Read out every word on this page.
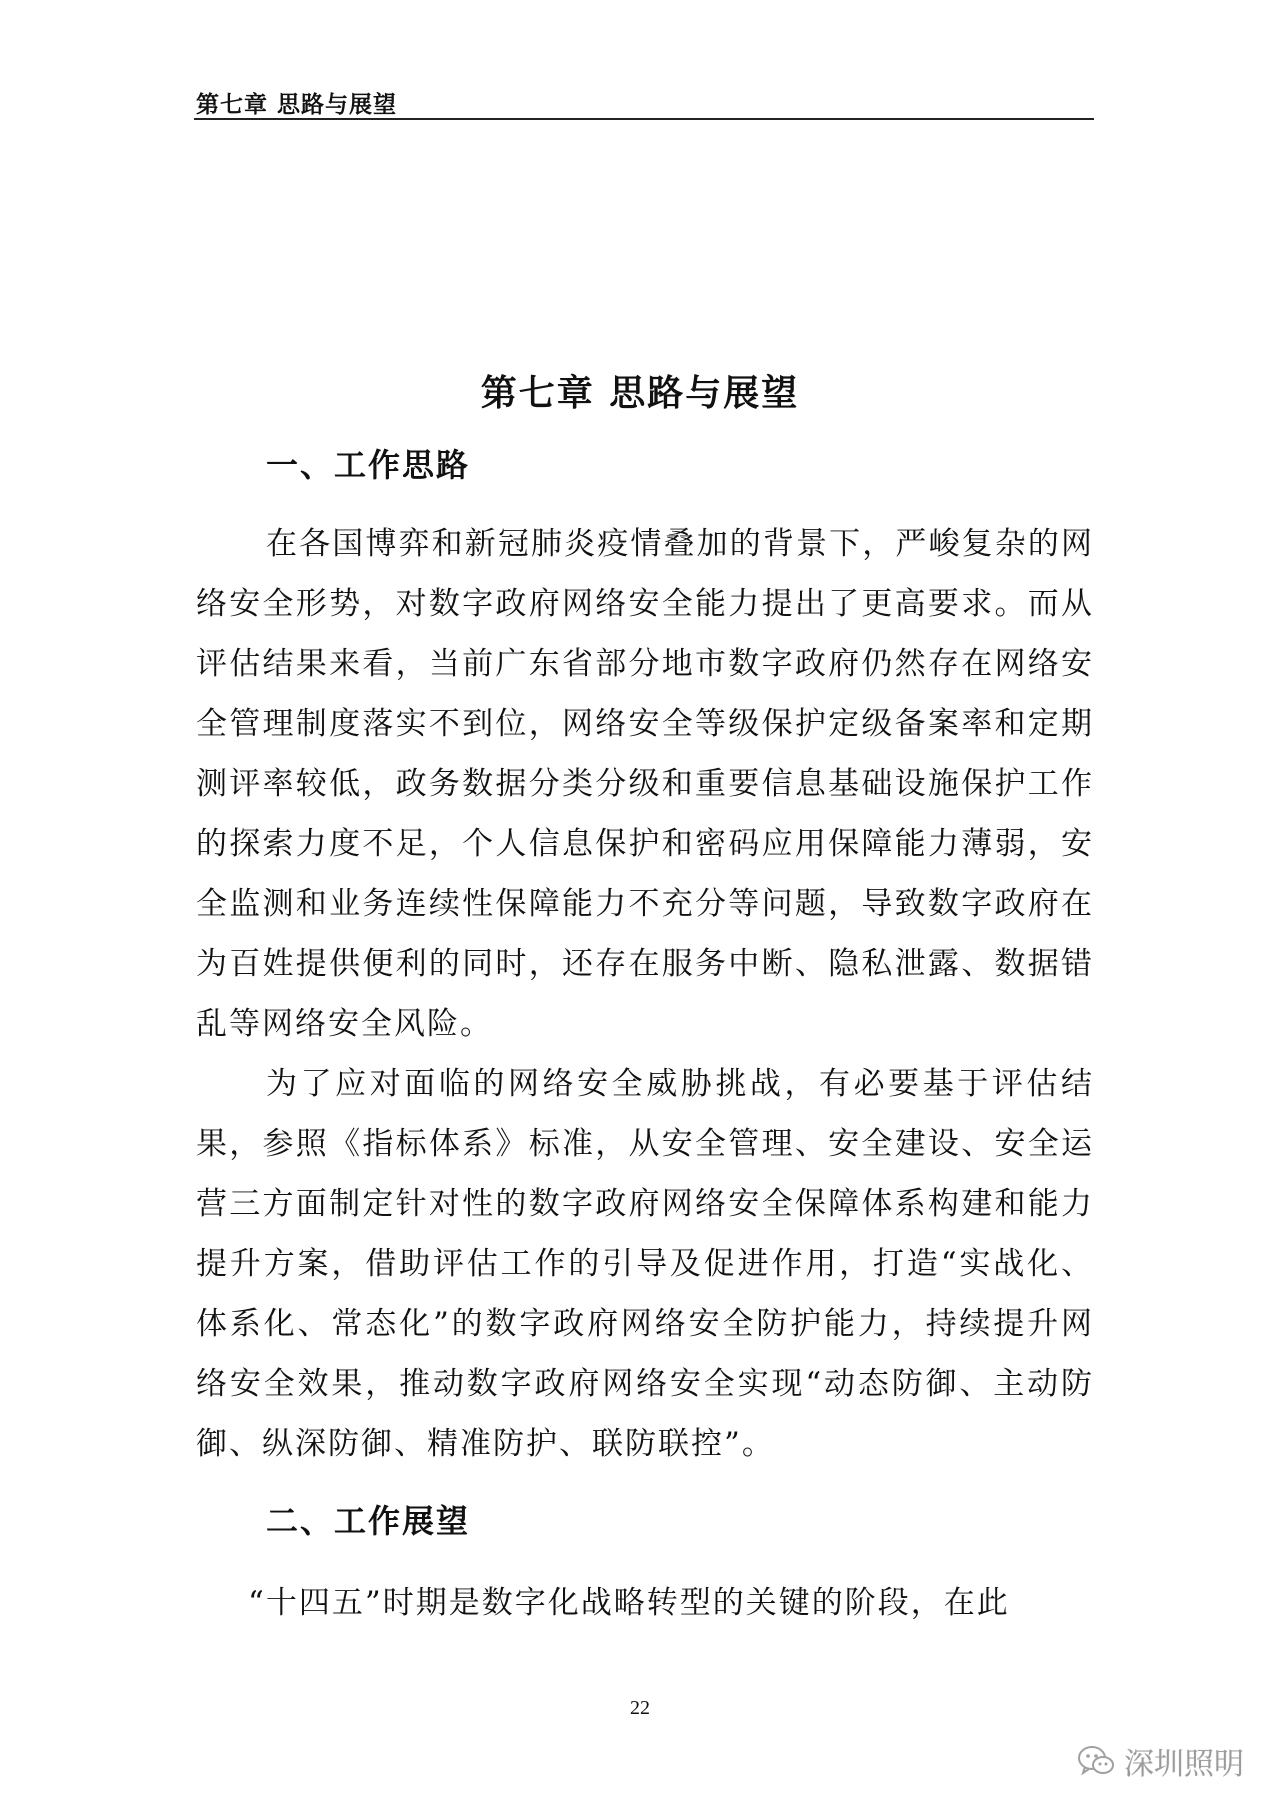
第七章 思路与展望
第七章 思路与展望
一、工作思路

在各国博弈和新冠肺炎疫情叠加的背景下，严峻复杂的网络安全形势，对数字政府网络安全能力提出了更高要求。而从评估结果来看，当前广东省部分地市数字政府仍然存在网络安全管理制度落实不到位，网络安全等级保护定级备案率和定期测评率较低，政务数据分类分级和重要信息基础设施保护工作的探索力度不足，个人信息保护和密码应用保障能力薄弱，安全监测和业务连续性保障能力不充分等问题，导致数字政府在为百姓提供便利的同时，还存在服务中断、隐私泄露、数据错乱等网络安全风险。

为了应对面临的网络安全威胁挑战，有必要基于评估结果，参照《指标体系》标准，从安全管理、安全建设、安全运营三方面制定针对性的数字政府网络安全保障体系构建和能力提升方案，借助评估工作的引导及促进作用，打造“实战化、体系化、常态化”的数字政府网络安全防护能力，持续提升网络安全效果，推动数字政府网络安全实现“动态防御、主动防御、纵深防御、精准防护、联防联控”。

二、工作展望

“十四五”时期是数字化战略转型的关键的阶段，在此

22
深圳照明
